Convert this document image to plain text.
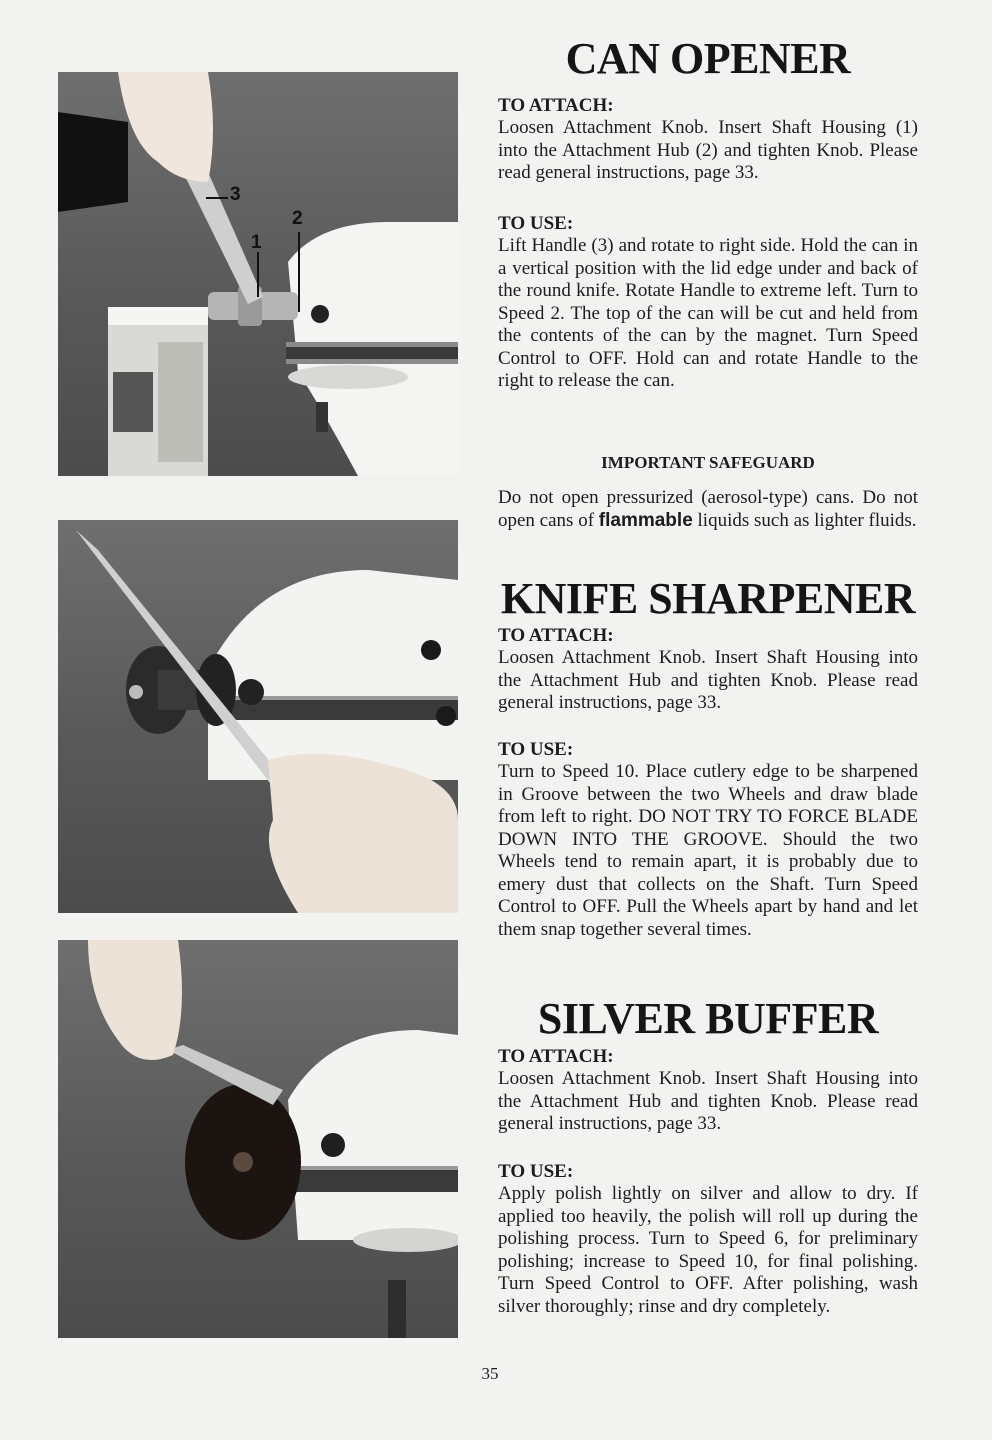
3
2
1
CAN OPENER
TO ATTACH:

Loosen Attachment Knob. Insert Shaft Housing (1) into the Attachment Hub (2) and tighten Knob. Please read general instructions, page 33.

TO USE:

Lift Handle (3) and rotate to right side. Hold the can in a vertical position with the lid edge under and back of the round knife. Rotate Handle to extreme left. Turn to Speed 2. The top of the can will be cut and held from the contents of the can by the magnet. Turn Speed Control to OFF. Hold can and rotate Handle to the right to release the can.

IMPORTANT SAFEGUARD

Do not open pressurized (aerosol-type) cans. Do not open cans of flammable liquids such as lighter fluids.

KNIFE SHARPENER
TO ATTACH:

Loosen Attachment Knob. Insert Shaft Housing into the Attachment Hub and tighten Knob. Please read general instructions, page 33.

TO USE:

Turn to Speed 10. Place cutlery edge to be sharpened in Groove between the two Wheels and draw blade from left to right. DO NOT TRY TO FORCE BLADE DOWN INTO THE GROOVE. Should the two Wheels tend to remain apart, it is probably due to emery dust that collects on the Shaft. Turn Speed Control to OFF. Pull the Wheels apart by hand and let them snap together several times.

SILVER BUFFER
TO ATTACH:

Loosen Attachment Knob. Insert Shaft Housing into the Attachment Hub and tighten Knob. Please read general instructions, page 33.

TO USE:

Apply polish lightly on silver and allow to dry. If applied too heavily, the polish will roll up during the polishing process. Turn to Speed 6, for preliminary polishing; increase to Speed 10, for final polishing. Turn Speed Control to OFF. After polishing, wash silver thoroughly; rinse and dry completely.

35
